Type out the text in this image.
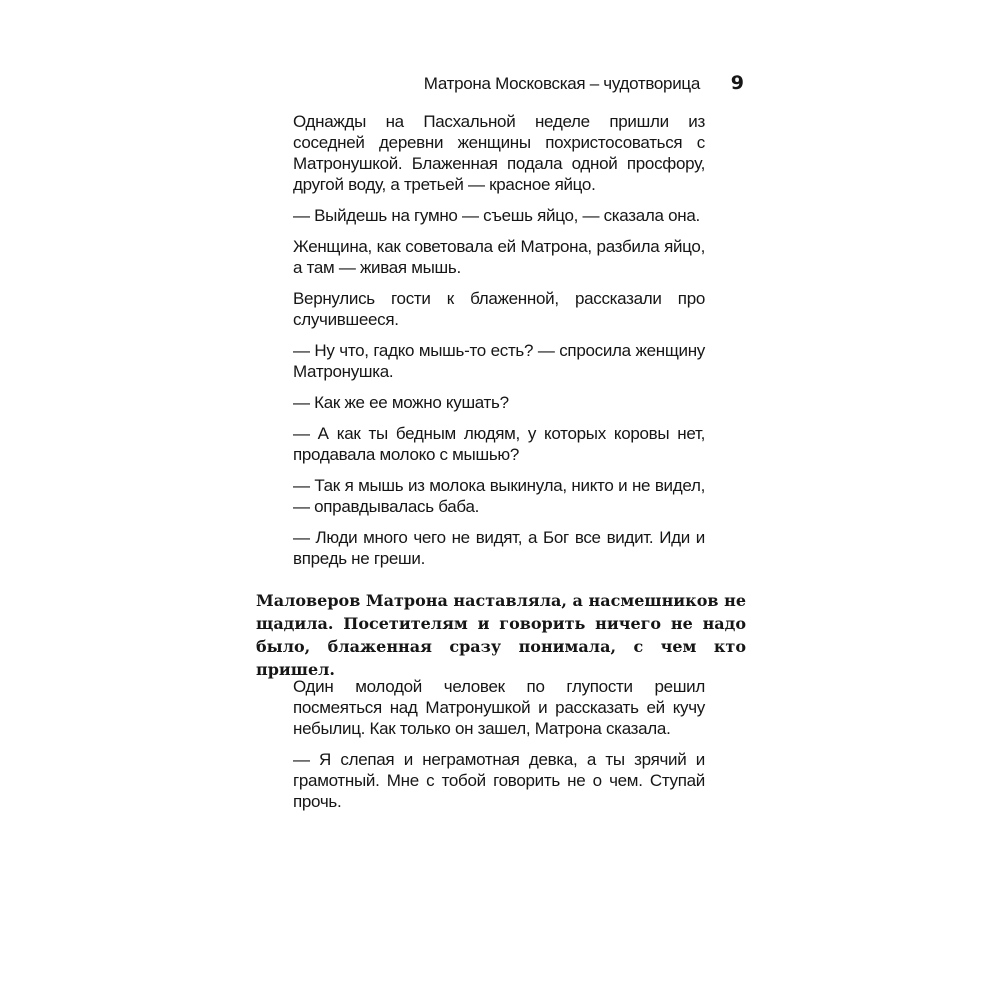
Матрона Московская – чудотворица 9

Однажды на Пасхальной неделе пришли из соседней деревни женщины похристосоваться с Матронушкой. Блаженная подала одной просфору, другой воду, а третьей — красное яйцо.

— Выйдешь на гумно — съешь яйцо, — сказала она.

Женщина, как советовала ей Матрона, разбила яйцо, а там — живая мышь.

Вернулись гости к блаженной, рассказали про случившееся.

— Ну что, гадко мышь-то есть? — спросила женщину Матронушка.

— Как же ее можно кушать?

— А как ты бедным людям, у которых коровы нет, продавала молоко с мышью?

— Так я мышь из молока выкинула, никто и не видел, — оправдывалась баба.

— Люди много чего не видят, а Бог все видит. Иди и впредь не греши.

Маловеров Матрона наставляла, а насмешников не щадила. Посетителям и говорить ничего не надо было, блаженная сразу понимала, с чем кто пришел.

Один молодой человек по глупости решил посмеяться над Матронушкой и рассказать ей кучу небылиц. Как только он зашел, Матрона сказала.

— Я слепая и неграмотная девка, а ты зрячий и грамотный. Мне с тобой говорить не о чем. Ступай прочь.
